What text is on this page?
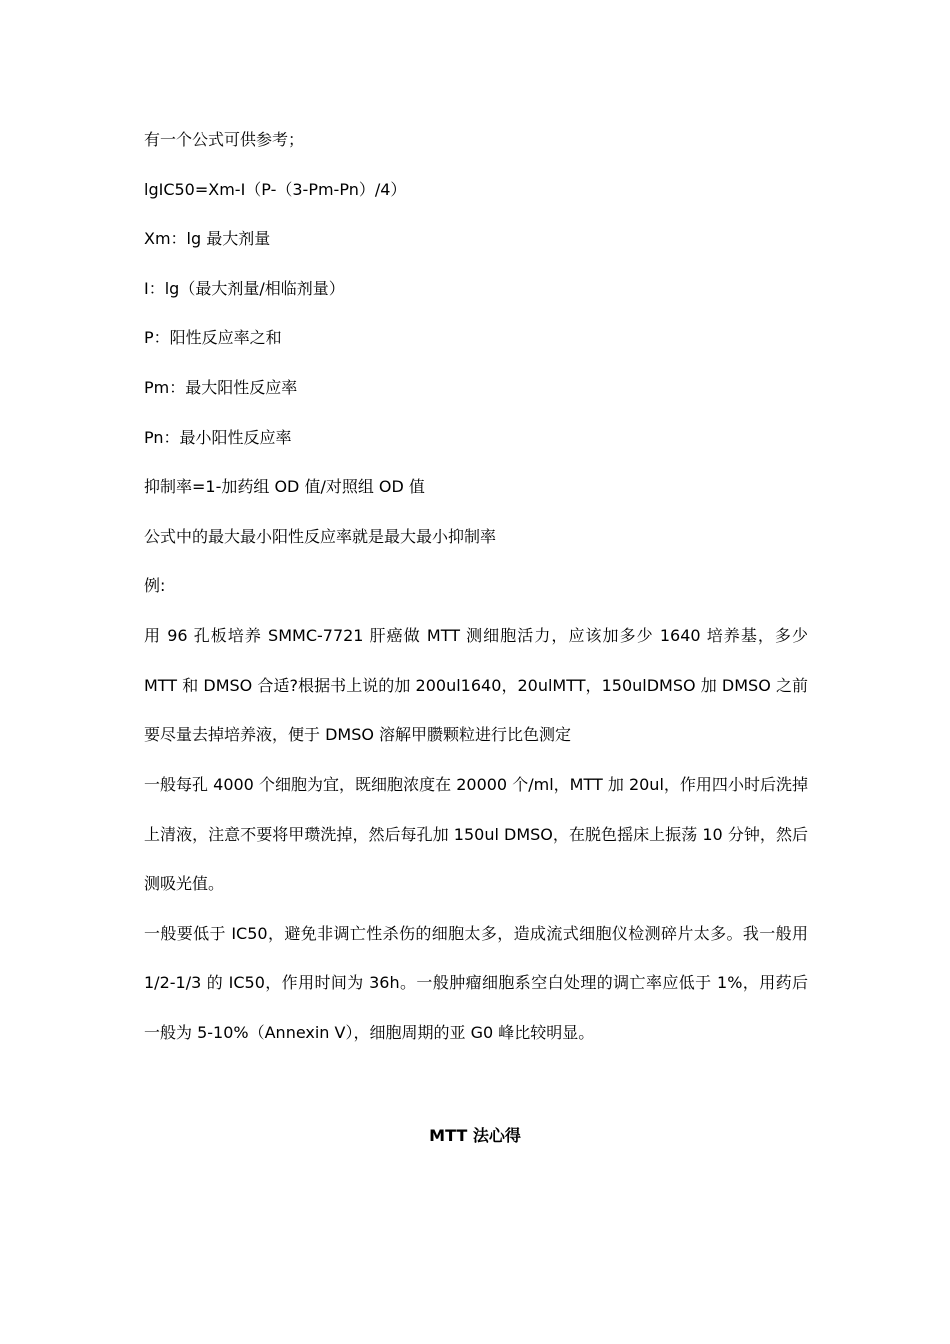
有一个公式可供参考；
lgIC50=Xm-I（P-（3-Pm-Pn）/4）
Xm：lg 最大剂量
I：lg（最大剂量/相临剂量）
P：阳性反应率之和
Pm：最大阳性反应率
Pn：最小阳性反应率
抑制率=1-加药组 OD 值/对照组 OD 值
公式中的最大最小阳性反应率就是最大最小抑制率
例:
用 96 孔板培养 SMMC-7721 肝癌做 MTT 测细胞活力，应该加多少 1640 培养基，多少 MTT 和 DMSO 合适?根据书上说的加 200ul1640，20ulMTT，150ulDMSO 加 DMSO 之前要尽量去掉培养液，便于 DMSO 溶解甲臜颗粒进行比色测定
一般每孔 4000 个细胞为宜，既细胞浓度在 20000 个/ml，MTT 加 20ul，作用四小时后洗掉上清液，注意不要将甲瓒洗掉，然后每孔加 150ul DMSO，在脱色摇床上振荡 10 分钟，然后测吸光值。
一般要低于 IC50，避免非调亡性杀伤的细胞太多，造成流式细胞仪检测碎片太多。我一般用 1/2-1/3 的 IC50，作用时间为 36h。一般肿瘤细胞系空白处理的调亡率应低于 1%，用药后一般为 5-10%（Annexin V），细胞周期的亚 G0 峰比较明显。
MTT 法心得
